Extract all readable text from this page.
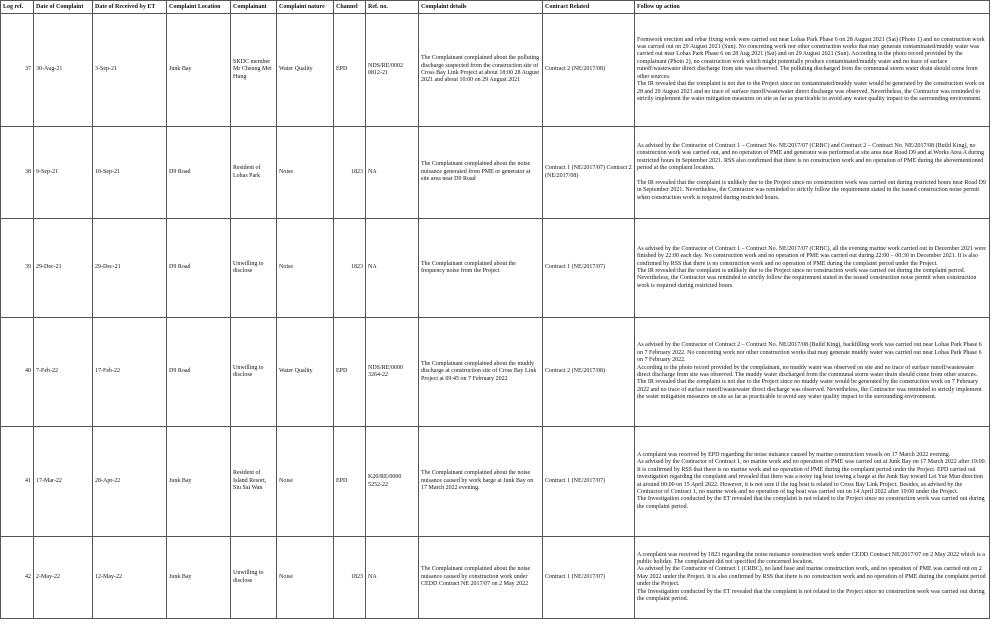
Log ref.	Date of Complaint	Date of Received by ET	Complaint Location	Complainant	Complaint nature	Channel	Ref. no.	Complaint details	Contract Related	Follow up action
37	30-Aug-21	3-Sep-21	Junk Bay	SKDC member Mr Cheung Mei Hung	Water Quality	EPD	NDS/RE/0002 0812-21	The Complainant complained about the polluting discharge suspected from the construction site of Cross Bay Link Project at about 18:00 28 August 2021 and about 10:00 on 29 August 2021	Contract 2 (NE/2017/08)	Formwork erection and rebar fixing work were carried out near Lohas Park Phase 6 on 28 August 2021 (Sat) (Photo 1) and no construction work was carried out on 29 August 2021 (Sun). No concreting work nor other construction works that may generate contaminated/muddy water was carried out near Lohas Park Phase 6 on 28 Aug 2021 (Sat) and on 29 August 2021 (Sun). According to the photo record provided by the complainant (Photo 2), no construction work which might potentially produce contaminated/muddy water and no trace of surface runoff/wastewater direct discharge from site was observed. The polluting discharged from the communal storm water drain should come from other sources.
The IR revealed that the complaint is not due to the Project since no contaminated/muddy water would be generated by the construction work on 28 and 29 August 2021 and no trace of surface runoff/wastewater direct discharge was observed. Nevertheless, the Contractor was reminded to strictly implement the water mitigation measures on site as far as practicable to avoid any water quality impact to the surrounding environment.

38	9-Sep-21	10-Sep-21	D9 Road	Resident of Lohas Park	Noise	1823	NA	The Complainant complained about the noise nuisance generated from PME or generator at site area near D9 Road	Contract 1 (NE/2017/07) Contract 2 (NE/2017/08)	As advised by the Contractor of Contract 1 – Contract No. NE/2017/07 (CRBC) and Contract 2 – Contract No. NE/2017/08 (Build King), no construction work was carried out, and no operation of PME and generator was performed at site area near Road D9 and at Works Area A during restricted hours in September 2021. RSS also confirmed that there is no construction work and no operation of PME during the abovementioned period at the complaint location.
The IR revealed that the complaint is unlikely due to the Project since no construction work was carried out during restricted hours near Road D9 in September 2021. Nevertheless, the Contractor was reminded to strictly follow the requirement stated in the issued construction noise permit when construction work is required during restricted hours.

39	29-Dec-21	29-Dec-21	D9 Road	Unwilling to disclose	Noise	1823	NA	The Complainant complained about the frequency noise from the Project	Contract 1 (NE/2017/07)	As advised by the Contractor of Contract 1 – Contract No. NE/2017/07 (CRBC), all the evening marine work carried out in December 2021 were finished by 22:00 each day. No construction work and no operation of PME was carried out during 22:00 – 00:30 in December 2021. It is also confirmed by RSS that there is no construction work and no operation of PME during the complaint period under the Project.
The IR revealed that the complaint is unlikely due to the Project since no construction work was carried out during the complaint period. Nevertheless, the Contractor was reminded to strictly follow the requirement stated in the issued construction noise permit when construction work is required during restricted hours.

40	7-Feb-22	17-Feb-22	D9 Road	Unwilling to disclose	Water Quality	EPD	NDS/RE/0000 3264-22	The Complainant complained about the muddy discharge at construction site of Cross Bay Link Project at 09:45 on 7 February 2022	Contract 2 (NE/2017/08)	As advised by the Contractor of Contract 2 – Contract No. NE/2017/08 (Build King), backfilling work was carried out near Lohas Park Phase 6 on 7 February 2022. No concreting work nor other construction works that may generate muddy water was carried out near Lohas Park Phase 6 on 7 February 2022.
According to the photo record provided by the complainant, no muddy water was observed on site and no trace of surface runoff/wastewater direct discharge from site was observed. The muddy water discharged from the communal storm water drain should come from other sources.
The IR revealed that the complaint is not due to the Project since no muddy water would be generated by the construction work on 7 February 2022 and no trace of surface runoff/wastewater direct discharge was observed. Nevertheless, the Contractor was reminded to strictly implement the water mitigation measures on site as far as practicable to avoid any water quality impact to the surrounding environment.

41	17-Mar-22	28-Apr-22	Junk Bay	Resident of Island Resort, Siu Sai Wan	Noise	EPD	K20/RE/0000 5252-22	The Complainant complained about the noise nuisance caused by work barge at Junk Bay on 17 March 2022 evening.	Contract 1 (NE/2017/07)	A complaint was received by EPD regarding the noise nuisance caused by marine construction vessels on 17 March 2022 evening.
As advised by the Contractor of Contract 1, no marine work and no operation of PME was carried out at Junk Bay on 17 March 2022 after 19:00. It is confirmed by RSS that there is no marine work and no operation of PME during the complaint period under the Project. EPD carried out investigation regarding the complaint and revealed that there was a noisy tug boat towing a barge at the Junk Bay toward Lei Yue Mun direction at around 00:00 on 15 April 2022. However, it is not sure if the tug boat is related to Cross Bay Link Project. Besides, as advised by the Contractor of Contract 1, no marine work and no operation of tug boat was carried out on 14 April 2022 after 19:00 under the Project.
The Investigation conducted by the ET revealed that the complaint is not related to the Project since no construction work was carried out during the complaint period.

42	2-May-22	12-May-22	Junk Bay	Unwilling to disclose	Noise	1823	NA	The Complainant complained about the noise nuisance caused by construction work under CEDD Contract NE 2017/07 on 2 May 2022	Contract 1 (NE/2017/07)	A complaint was received by 1823 regarding the noise nuisance construction work under CEDD Contract NE/2017/07 on 2 May 2022 which is a public holiday. The complainant did not specified the concerned location.
As advised by the Contractor of Contract 1 (CRBC), no land base and marine construction work, and no operation of PME was carried out on 2 May 2022 under the Project. It is also confirmed by RSS that there is no construction work and no operation of PME during the complaint period under the Project.
The Investigation conducted by the ET revealed that the complaint is not related to the Project since no construction work was carried out during the complaint period.
